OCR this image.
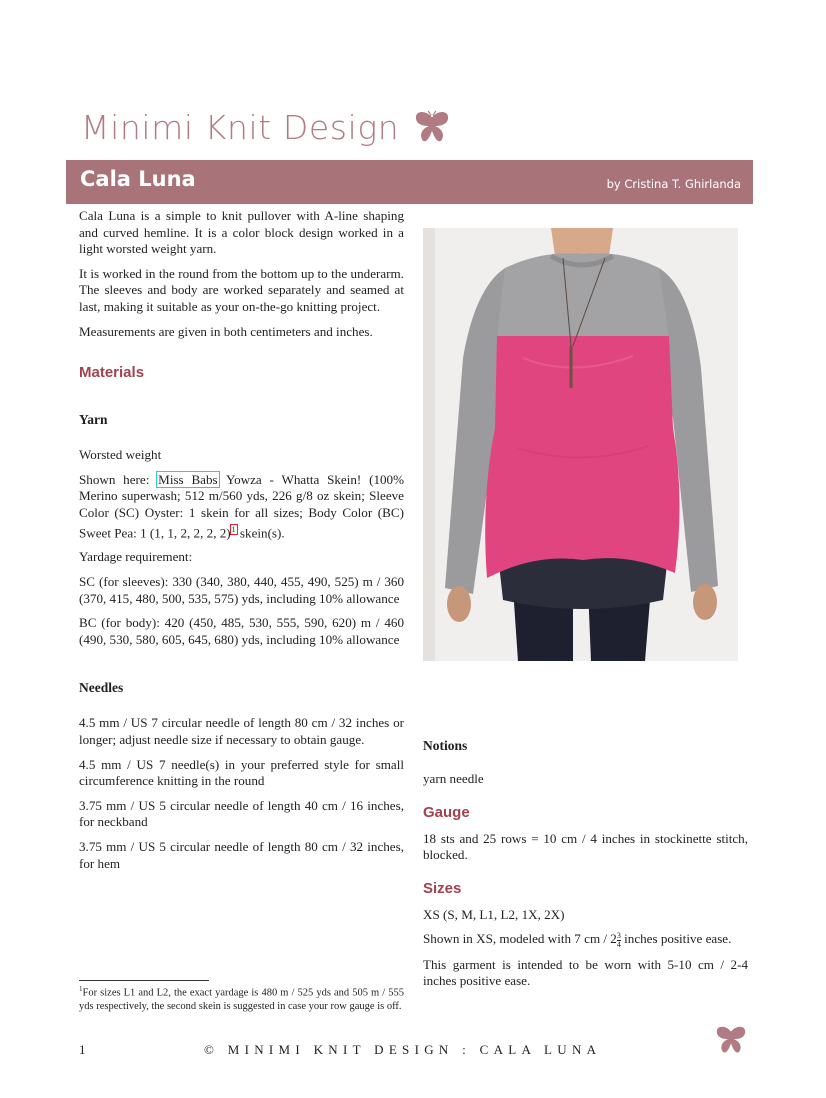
Minimi Knit Design
Cala Luna	by Cristina T. Ghirlanda

Cala Luna is a simple to knit pullover with A-line shaping and curved hemline. It is a color block design worked in a light worsted weight yarn.

It is worked in the round from the bottom up to the underarm. The sleeves and body are worked separately and seamed at last, making it suitable as your on-the-go knitting project.

Measurements are given in both centimeters and inches.

Materials
Yarn

Worsted weight

Shown here: Miss Babs Yowza - Whatta Skein! (100% Merino superwash; 512 m/560 yds, 226 g/8 oz skein; Sleeve Color (SC) Oyster: 1 skein for all sizes; Body Color (BC) Sweet Pea: 1 (1, 1, 2, 2, 2, 2)$^1$ skein(s).

Yardage requirement:

SC (for sleeves): 330 (340, 380, 440, 455, 490, 525) m / 360 (370, 415, 480, 500, 535, 575) yds, including 10% allowance

BC (for body): 420 (450, 485, 530, 555, 590, 620) m / 460 (490, 530, 580, 605, 645, 680) yds, including 10% allowance

Needles

4.5 mm / US 7 circular needle of length 80 cm / 32 inches or longer; adjust needle size if necessary to obtain gauge.

4.5 mm / US 7 needle(s) in your preferred style for small circumference knitting in the round

3.75 mm / US 5 circular needle of length 40 cm / 16 inches, for neckband

3.75 mm / US 5 circular needle of length 80 cm / 32 inches, for hem

$^1$For sizes L1 and L2, the exact yardage is 480 m / 525 yds and 505 m / 555 yds respectively, the second skein is suggested in case your row gauge is off.
Notions

yarn needle

Gauge

18 sts and 25 rows = 10 cm / 4 inches in stockinette stitch, blocked.

Sizes

XS (S, M, L1, L2, 1X, 2X)

Shown in XS, modeled with 7 cm / $2 \frac{3}{4}$ inches positive ease.

This garment is intended to be worn with 5-10 cm / 2-4 inches positive ease.

1	© MINIMI KNIT DESIGN : CALA LUNA
